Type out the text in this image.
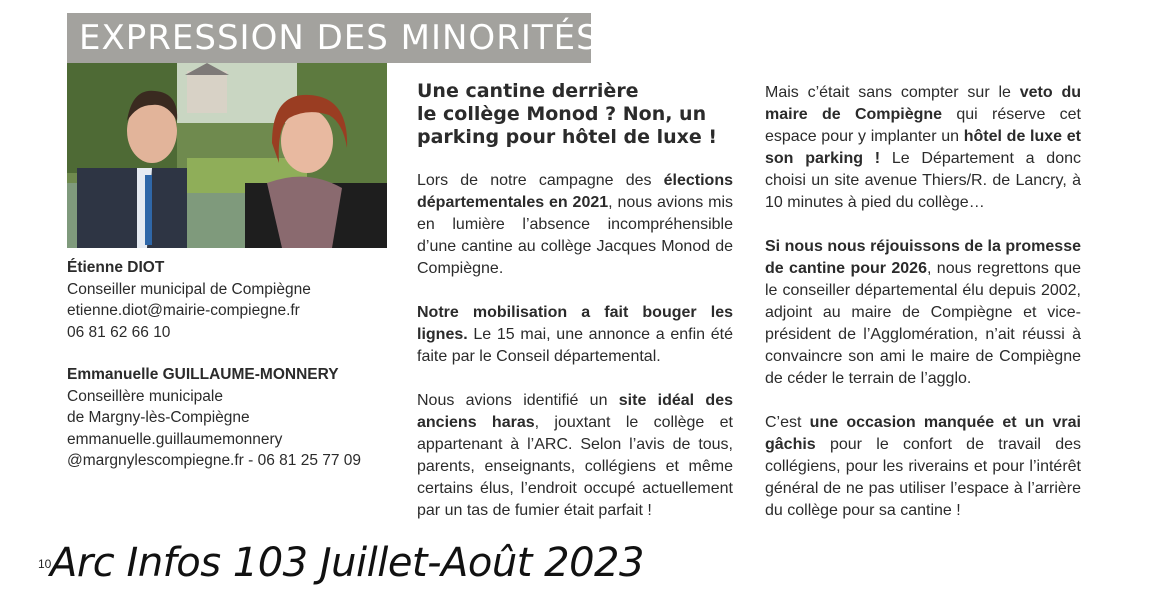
EXPRESSION DES MINORITÉS
Étienne DIOT
Conseiller municipal de Compiègne
etienne.diot@mairie-compiegne.fr
06 81 62 66 10
Emmanuelle GUILLAUME-MONNERY
Conseillère municipale
de Margny-lès-Compiègne
emmanuelle.guillaumemonnery
@margnylescompiegne.fr - 06 81 25 77 09
Une cantine derrière
le collège Monod ? Non, un
parking pour hôtel de luxe !

Lors de notre campagne des élections départementales en 2021, nous avions mis en lumière l’absence incompréhensible d’une cantine au collège Jacques Monod de Compiègne.

Notre mobilisation a fait bouger les lignes. Le 15 mai, une annonce a enfin été faite par le Conseil départemental.

Nous avions identifié un site idéal des anciens haras, jouxtant le collège et appartenant à l’ARC. Selon l’avis de tous, parents, enseignants, collégiens et même certains élus, l’endroit occupé actuellement par un tas de fumier était parfait !

Mais c’était sans compter sur le veto du maire de Compiègne qui réserve cet espace pour y implanter un hôtel de luxe et son parking ! Le Département a donc choisi un site avenue Thiers/R. de Lancry, à 10 minutes à pied du collège…

Si nous nous réjouissons de la promesse de cantine pour 2026, nous regrettons que le conseiller départemental élu depuis 2002, adjoint au maire de Compiègne et vice-président de l’Agglomération, n’ait réussi à convaincre son ami le maire de Compiègne de céder le terrain de l’agglo.

C’est une occasion manquée et un vrai gâchis pour le confort de travail des collégiens, pour les riverains et pour l’intérêt général de ne pas utiliser l’espace à l’arrière du collège pour sa cantine !

10
Arc Infos 103 Juillet-Août 2023
